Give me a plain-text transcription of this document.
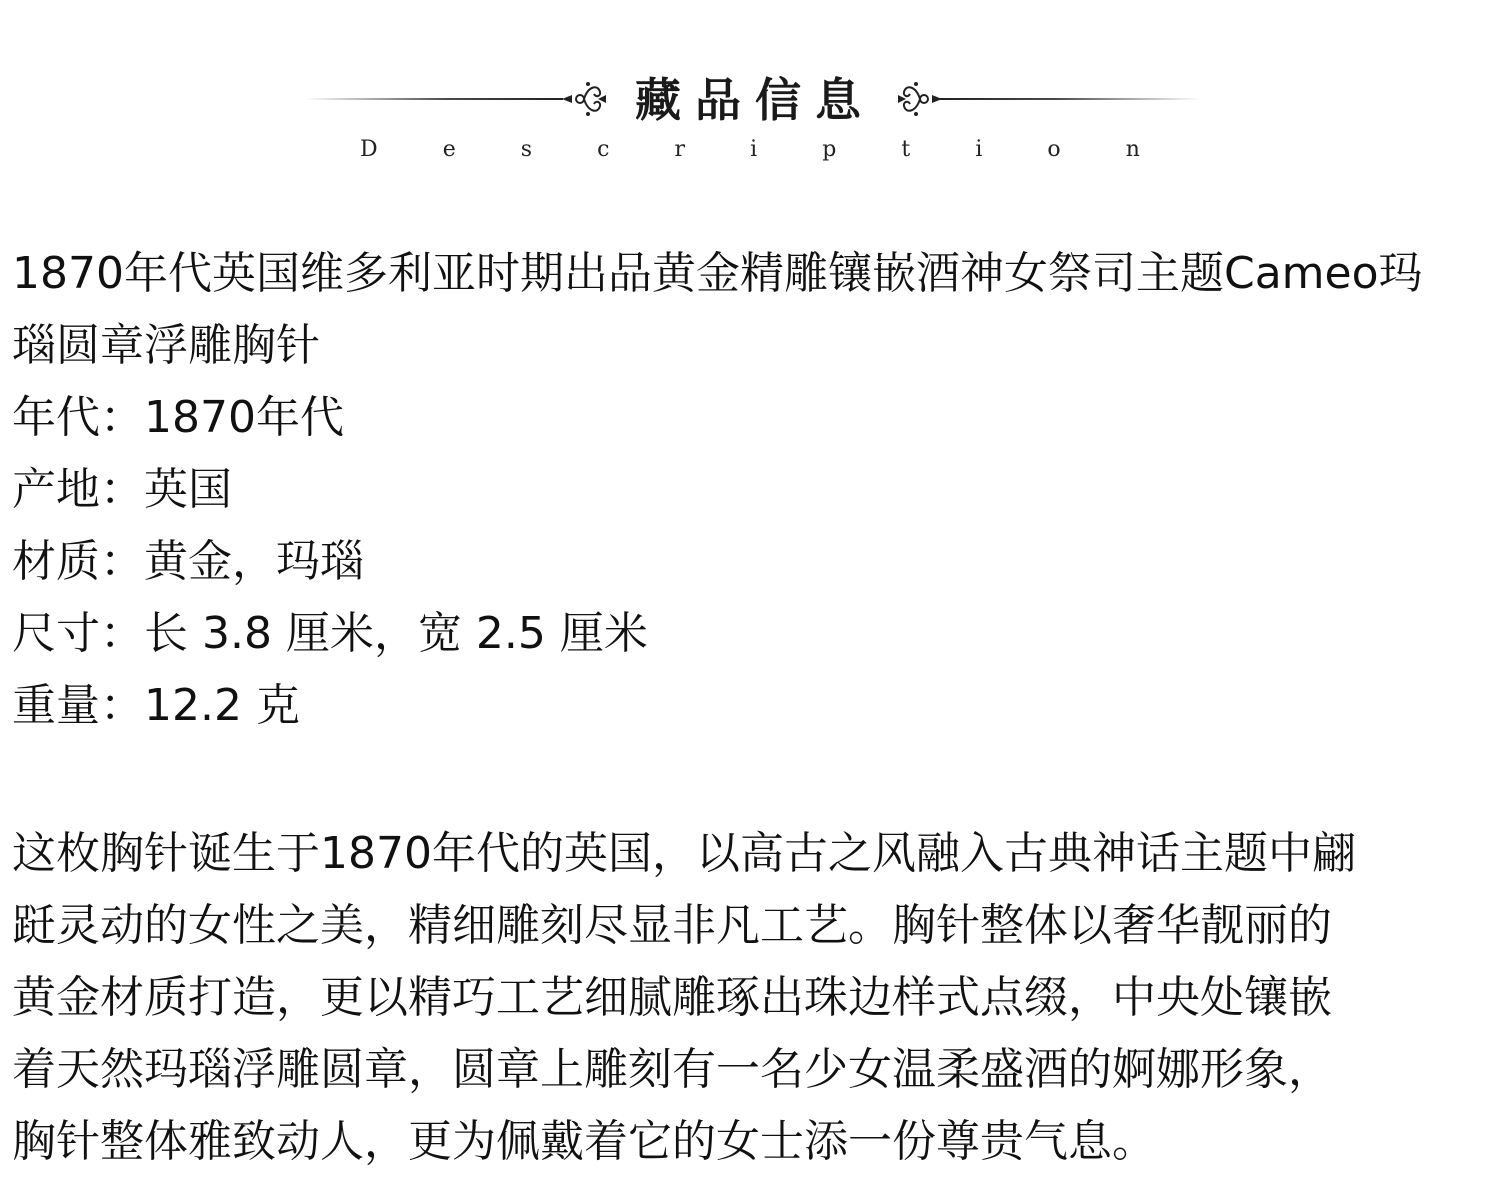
藏品信息
D	e	s	c	r	i	p	t	i	o	n
1870年代英国维多利亚时期出品黄金精雕镶嵌酒神女祭司主题Cameo玛
瑙圆章浮雕胸针
年代：1870年代
产地：英国
材质：黄金，玛瑙
尺寸：长 3.8 厘米，宽 2.5 厘米
重量：12.2 克
这枚胸针诞生于1870年代的英国，以高古之风融入古典神话主题中翩
跹灵动的女性之美，精细雕刻尽显非凡工艺。胸针整体以奢华靓丽的
黄金材质打造，更以精巧工艺细腻雕琢出珠边样式点缀，中央处镶嵌
着天然玛瑙浮雕圆章，圆章上雕刻有一名少女温柔盛酒的婀娜形象，
胸针整体雅致动人，更为佩戴着它的女士添一份尊贵气息。
